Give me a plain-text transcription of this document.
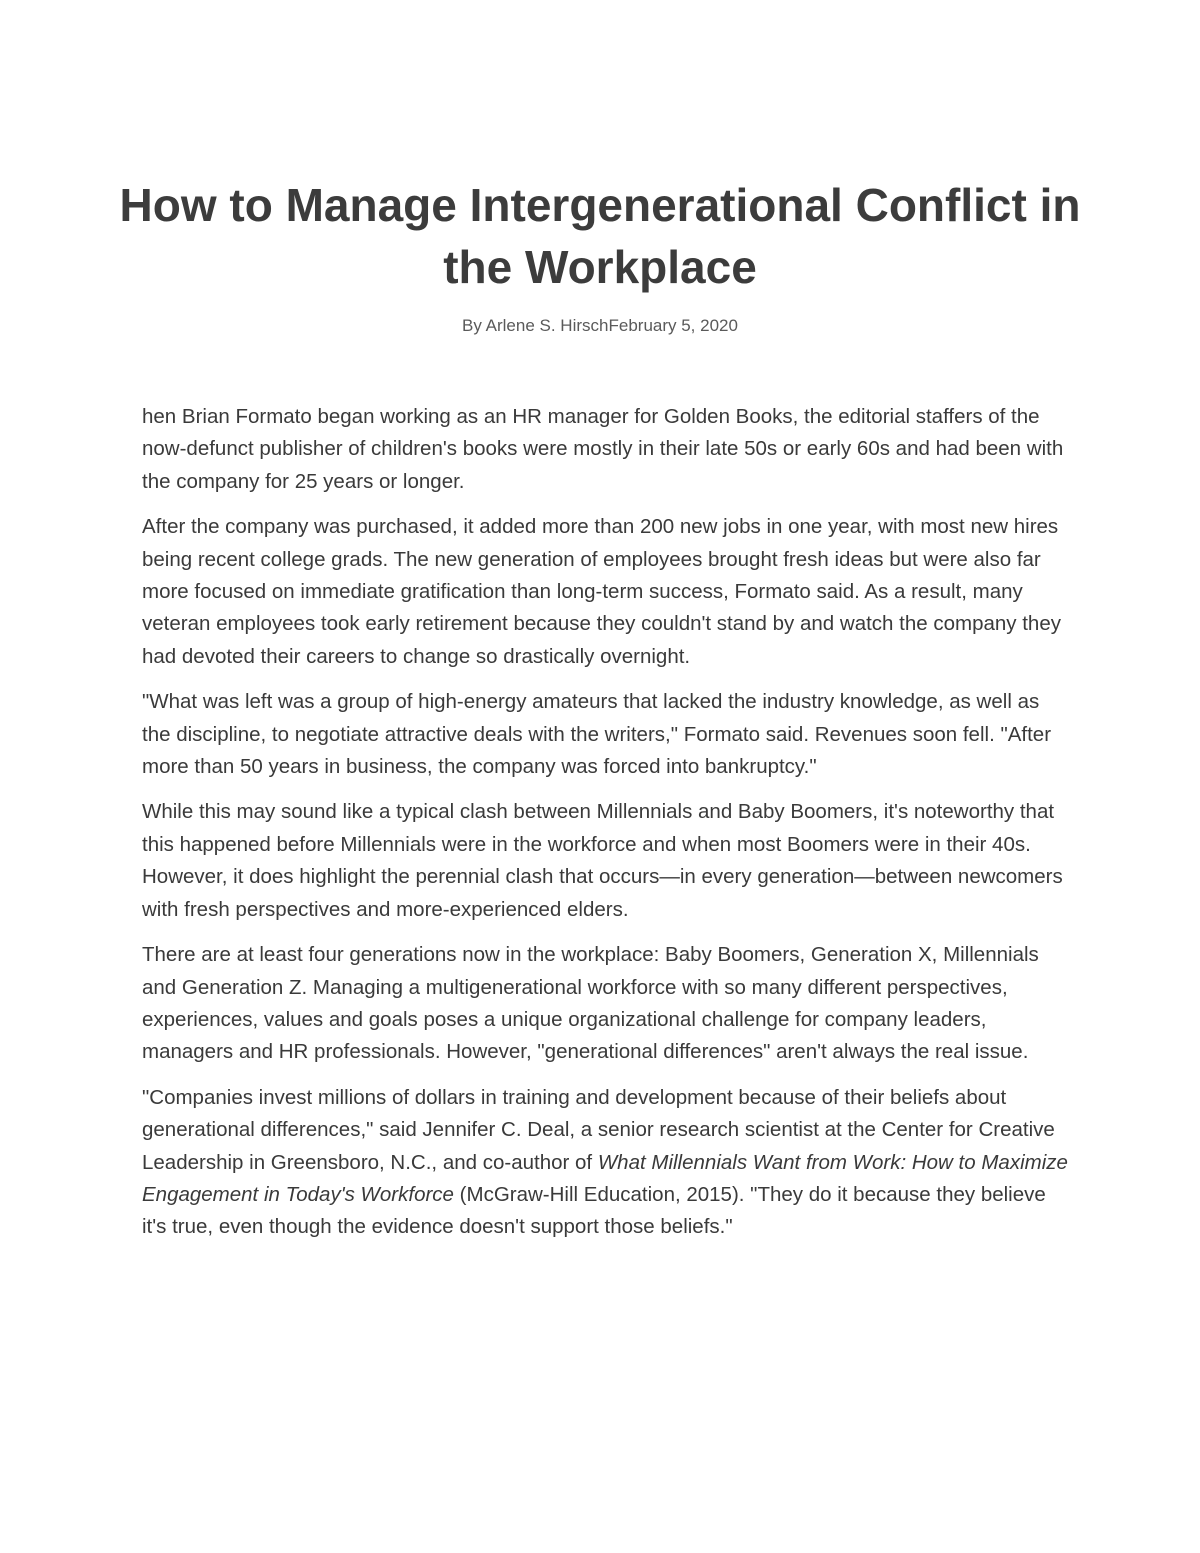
How to Manage Intergenerational Conflict in the Workplace
By Arlene S. HirschFebruary 5, 2020

hen Brian Formato began working as an HR manager for Golden Books, the editorial staffers of the now-defunct publisher of children's books were mostly in their late 50s or early 60s and had been with the company for 25 years or longer.

After the company was purchased, it added more than 200 new jobs in one year, with most new hires being recent college grads. The new generation of employees brought fresh ideas but were also far more focused on immediate gratification than long-term success, Formato said. As a result, many veteran employees took early retirement because they couldn't stand by and watch the company they had devoted their careers to change so drastically overnight.

"What was left was a group of high-energy amateurs that lacked the industry knowledge, as well as the discipline, to negotiate attractive deals with the writers," Formato said. Revenues soon fell. "After more than 50 years in business, the company was forced into bankruptcy."

While this may sound like a typical clash between Millennials and Baby Boomers, it's noteworthy that this happened before Millennials were in the workforce and when most Boomers were in their 40s. However, it does highlight the perennial clash that occurs—in every generation—between newcomers with fresh perspectives and more-experienced elders.

There are at least four generations now in the workplace: Baby Boomers, Generation X, Millennials and Generation Z. Managing a multigenerational workforce with so many different perspectives, experiences, values and goals poses a unique organizational challenge for company leaders, managers and HR professionals. However, "generational differences" aren't always the real issue.

"Companies invest millions of dollars in training and development because of their beliefs about generational differences," said Jennifer C. Deal, a senior research scientist at the Center for Creative Leadership in Greensboro, N.C., and co-author of What Millennials Want from Work: How to Maximize Engagement in Today's Workforce (McGraw-Hill Education, 2015). "They do it because they believe it's true, even though the evidence doesn't support those beliefs."
